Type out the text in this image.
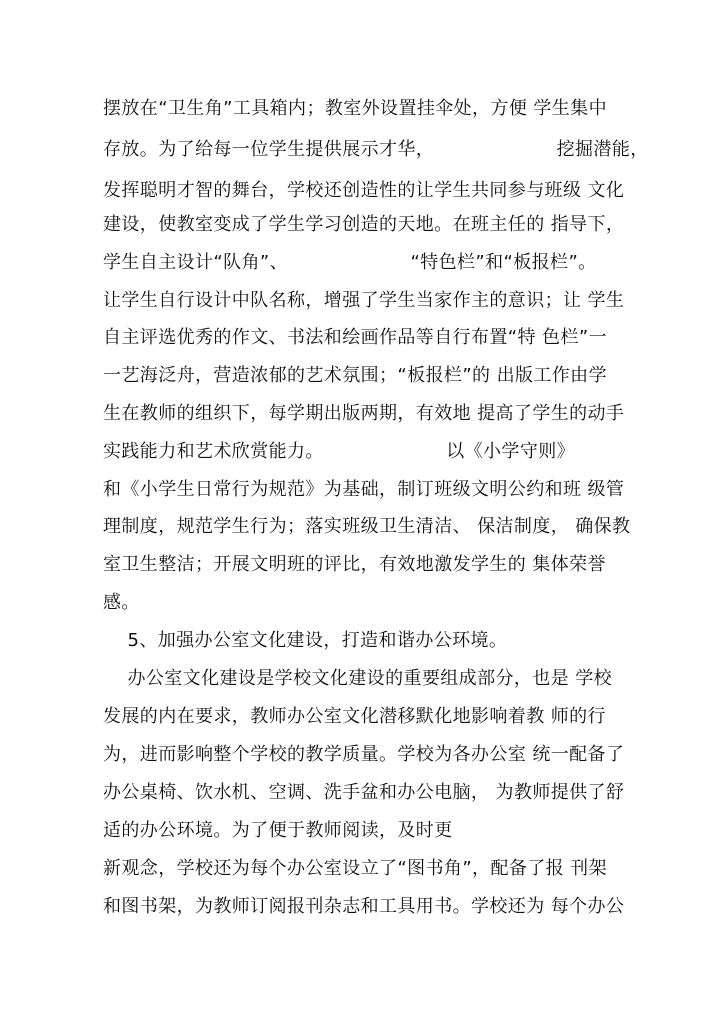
摆放在“卫生角”工具箱内；教室外设置挂伞处，方便 学生集中
存放。为了给每一位学生提供展示才华，                    挖掘潜能，
发挥聪明才智的舞台，学校还创造性的让学生共同参与班级 文化
建设，使教室变成了学生学习创造的天地。在班主任的 指导下，
学生自主设计“队角”、                    “特色栏”和“板报栏”。
让学生自行设计中队名称，增强了学生当家作主的意识；让 学生
自主评选优秀的作文、书法和绘画作品等自行布置“特 色栏”一
一艺海泛舟，营造浓郁的艺术氛围；“板报栏”的 出版工作由学
生在教师的组织下，每学期出版两期，有效地 提高了学生的动手
实践能力和艺术欣赏能力。                    以《小学守则》
和《小学生日常行为规范》为基础，制订班级文明公约和班 级管
理制度，规范学生行为；落实班级卫生清洁、 保洁制度， 确保教
室卫生整洁；开展文明班的评比，有效地激发学生的 集体荣誉
感。
5、加强办公室文化建设，打造和谐办公环境。
办公室文化建设是学校文化建设的重要组成部分，也是 学校
发展的内在要求，教师办公室文化潜移默化地影响着教 师的行
为，进而影响整个学校的教学质量。学校为各办公室 统一配备了
办公桌椅、饮水机、空调、洗手盆和办公电脑， 为教师提供了舒
适的办公环境。为了便于教师阅读，及时更
新观念，学校还为每个办公室设立了“图书角”，配备了报 刊架
和图书架，为教师订阅报刊杂志和工具用书。学校还为 每个办公
